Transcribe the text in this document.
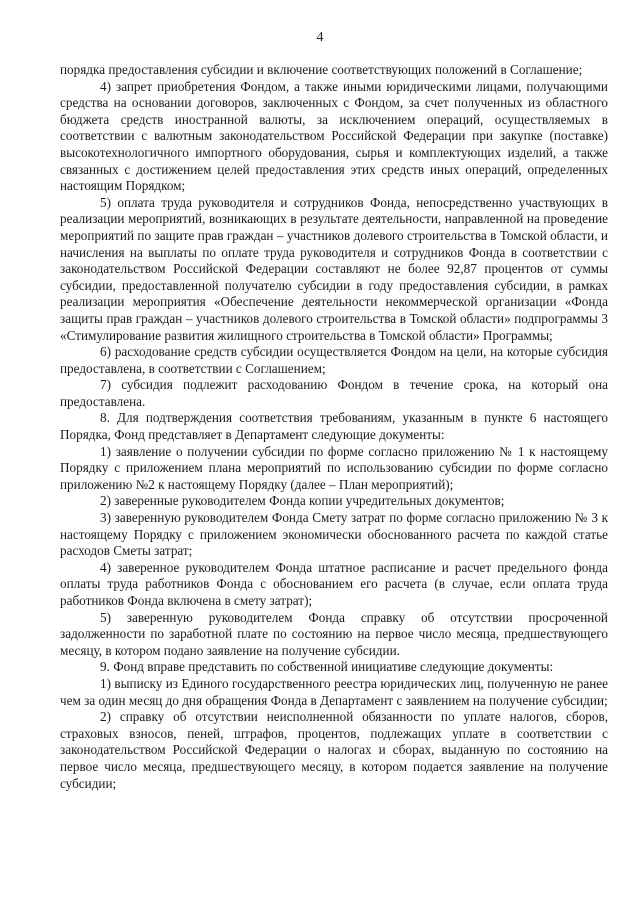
4

порядка предоставления субсидии и включение соответствующих положений в Соглашение;

4) запрет приобретения Фондом, а также иными юридическими лицами, получающими средства на основании договоров, заключенных с Фондом, за счет полученных из областного бюджета средств иностранной валюты, за исключением операций, осуществляемых в соответствии с валютным законодательством Российской Федерации при закупке (поставке) высокотехнологичного импортного оборудования, сырья и комплектующих изделий, а также связанных с достижением целей предоставления этих средств иных операций, определенных настоящим Порядком;

5) оплата труда руководителя и сотрудников Фонда, непосредственно участвующих в реализации мероприятий, возникающих в результате деятельности, направленной на проведение мероприятий по защите прав граждан – участников долевого строительства в Томской области, и начисления на выплаты по оплате труда руководителя и сотрудников Фонда в соответствии с законодательством Российской Федерации составляют не более 92,87 процентов от суммы субсидии, предоставленной получателю субсидии в году предоставления субсидии, в рамках реализации мероприятия «Обеспечение деятельности некоммерческой организации «Фонда защиты прав граждан – участников долевого строительства в Томской области» подпрограммы 3 «Стимулирование развития жилищного строительства в Томской области» Программы;

6) расходование средств субсидии осуществляется Фондом на цели, на которые субсидия предоставлена, в соответствии с Соглашением;

7) субсидия подлежит расходованию Фондом в течение срока, на который она предоставлена.

8. Для подтверждения соответствия требованиям, указанным в пункте 6 настоящего Порядка, Фонд представляет в Департамент следующие документы:

1) заявление о получении субсидии по форме согласно приложению № 1 к настоящему Порядку с приложением плана мероприятий по использованию субсидии по форме согласно приложению №2 к настоящему Порядку (далее – План мероприятий);

2) заверенные руководителем Фонда копии учредительных документов;

3) заверенную руководителем Фонда Смету затрат по форме согласно приложению № 3 к настоящему Порядку с приложением экономически обоснованного расчета по каждой статье расходов Сметы затрат;

4) заверенное руководителем Фонда штатное расписание и расчет предельного фонда оплаты труда работников Фонда с обоснованием его расчета (в случае, если оплата труда работников Фонда включена в смету затрат);

5) заверенную руководителем Фонда справку об отсутствии просроченной задолженности по заработной плате по состоянию на первое число месяца, предшествующего месяцу, в котором подано заявление на получение субсидии.

9. Фонд вправе представить по собственной инициативе следующие документы:

1) выписку из Единого государственного реестра юридических лиц, полученную не ранее чем за один месяц до дня обращения Фонда в Департамент с заявлением на получение субсидии;

2) справку об отсутствии неисполненной обязанности по уплате налогов, сборов, страховых взносов, пеней, штрафов, процентов, подлежащих уплате в соответствии с законодательством Российской Федерации о налогах и сборах, выданную по состоянию на первое число месяца, предшествующего месяцу, в котором подается заявление на получение субсидии;
